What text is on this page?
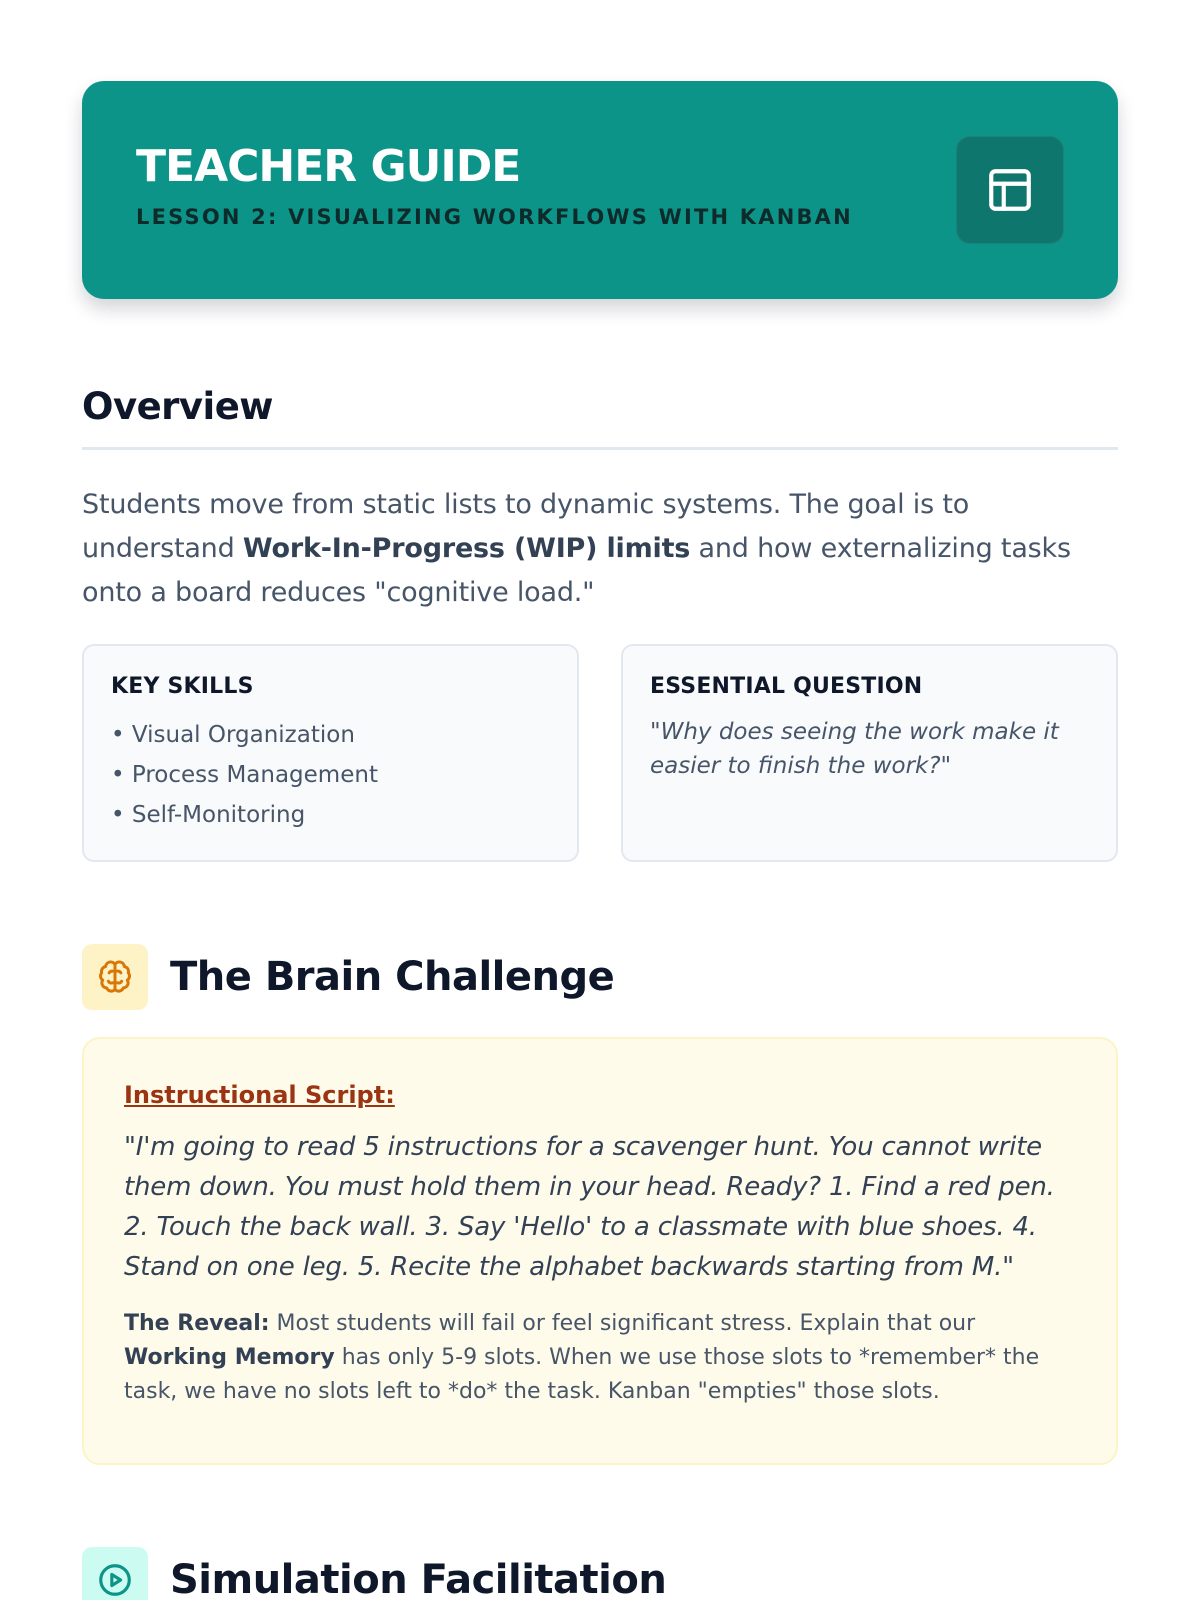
TEACHER GUIDE
LESSON 2: VISUALIZING WORKFLOWS WITH KANBAN
Overview

Students move from static lists to dynamic systems. The goal is to understand Work-In-Progress (WIP) limits and how externalizing tasks onto a board reduces "cognitive load."

KEY SKILLS
• Visual Organization
• Process Management
• Self-Monitoring
ESSENTIAL QUESTION

"Why does seeing the work make it easier to finish the work?"

The Brain Challenge
Instructional Script:

"I'm going to read 5 instructions for a scavenger hunt. You cannot write them down. You must hold them in your head. Ready? 1. Find a red pen. 2. Touch the back wall. 3. Say 'Hello' to a classmate with blue shoes. 4. Stand on one leg. 5. Recite the alphabet backwards starting from M."

The Reveal: Most students will fail or feel significant stress. Explain that our Working Memory has only 5-9 slots. When we use those slots to *remember* the task, we have no slots left to *do* the task. Kanban "empties" those slots.

Simulation Facilitation
